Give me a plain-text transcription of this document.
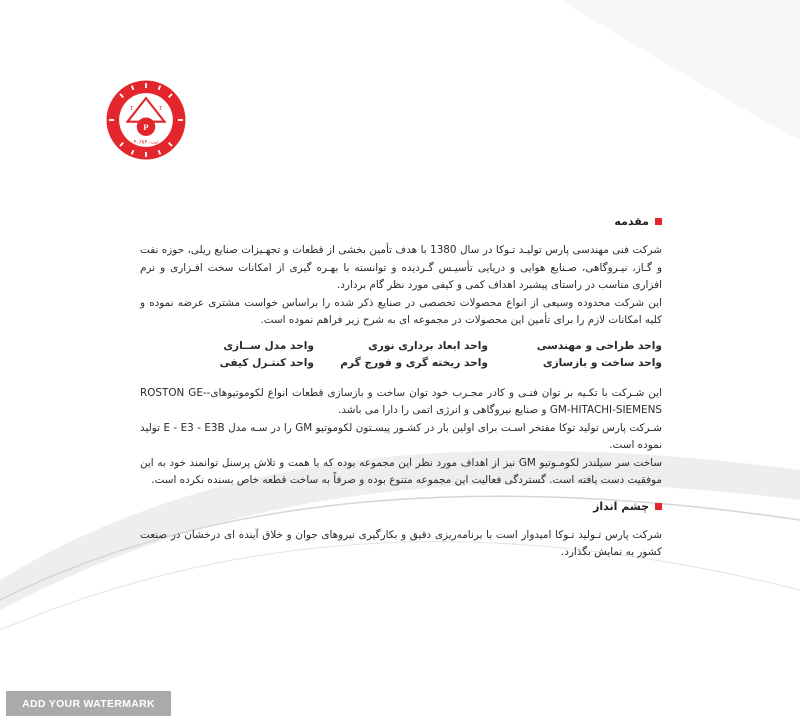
T	T
P
ثبت: ۳۰۶۵۳
مقدمه

شرکت فنی مهندسی پارس تولیـد تـوکا در سال 1380 با هدف تأمین بخشی از قطعات و تجهـیزات صنایع ریلی، حوزه نفت و گـاز، نیـروگاهی، صـنایع هوایی و دریایی تأسیـس گـردیده و توانسته با بهـره گیری از امکانات سخت افـزاری و نرم افزاری مناسب در راستای پیشبرد اهداف کمی و کیفی مورد نظر گام بردارد.

این شرکت محدوده وسیعی از انواع محصولات تخصصی در صنایع ذکر شده را براساس خواست مشتری عرضه نموده و کلیه امکانات لازم را برای تأمین این محصولات در مجموعه ای به شرح زیر فراهم نموده است.

واحد طراحی و مهندسی
واحد ابعاد برداری نوری
واحد مدل ســازی
واحد ساخت و بازسازی
واحد ریخته گری و فورج گرم
واحد کنتـرل کیفی

این شـرکت با تکـیه بر توان فنـی و کادر مجـرب خود توان ساخت و بازسازی قطعات انواع لکوموتیوهای-ROSTON GE-GM-HITACHI-SIEMENS و صنایع نیروگاهی و انرژی اتمی را دارا می باشد.

شـرکت پارس تولید توکا مفتخر اسـت برای اولین بار در کشـور پیسـتون لکوموتیو GM را در سـه مدل E - E3 - E3B تولید نموده است.

ساخت سر سیلندر لکومـوتیو GM نیز از اهداف مورد نظر این مجموعه بوده که با همت و تلاش پرسنل توانمند خود به این موفقیت دست یافته است. گستردگی فعالیت این مجموعه متنوع بوده و صرفاً به ساخت قطعه خاص بسنده نکرده است.

چشم انداز

شرکت پارس تـولید تـوکا امیدوار است با برنامه‌ریزی دقیق و بکارگیری نیروهای جوان و خلاق آینده ای درخشان در صنعت کشور به نمایش بگذارد.

ADD YOUR WATERMARK
